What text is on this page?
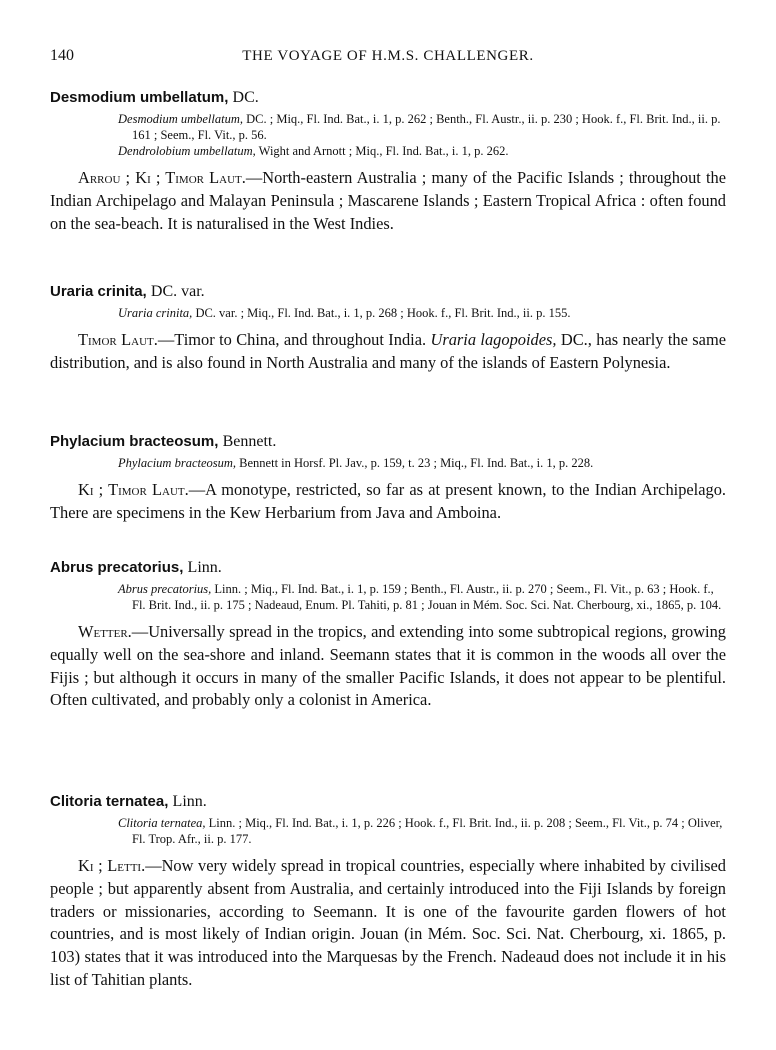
140	THE VOYAGE OF H.M.S. CHALLENGER.

Desmodium umbellatum, DC.

Desmodium umbellatum, DC. ; Miq., Fl. Ind. Bat., i. 1, p. 262 ; Benth., Fl. Austr., ii. p. 230 ; Hook. f., Fl. Brit. Ind., ii. p. 161 ; Seem., Fl. Vit., p. 56.

Dendrolobium umbellatum, Wight and Arnott ; Miq., Fl. Ind. Bat., i. 1, p. 262.

Arrou ; Ki ; Timor Laut.—North-eastern Australia ; many of the Pacific Islands ; throughout the Indian Archipelago and Malayan Peninsula ; Mascarene Islands ; Eastern Tropical Africa : often found on the sea-beach. It is naturalised in the West Indies.

Uraria crinita, DC. var.

Uraria crinita, DC. var. ; Miq., Fl. Ind. Bat., i. 1, p. 268 ; Hook. f., Fl. Brit. Ind., ii. p. 155.

Timor Laut.—Timor to China, and throughout India. Uraria lagopoides, DC., has nearly the same distribution, and is also found in North Australia and many of the islands of Eastern Polynesia.

Phylacium bracteosum, Bennett.

Phylacium bracteosum, Bennett in Horsf. Pl. Jav., p. 159, t. 23 ; Miq., Fl. Ind. Bat., i. 1, p. 228.

Ki ; Timor Laut.—A monotype, restricted, so far as at present known, to the Indian Archipelago. There are specimens in the Kew Herbarium from Java and Amboina.

Abrus precatorius, Linn.

Abrus precatorius, Linn. ; Miq., Fl. Ind. Bat., i. 1, p. 159 ; Benth., Fl. Austr., ii. p. 270 ; Seem., Fl. Vit., p. 63 ; Hook. f., Fl. Brit. Ind., ii. p. 175 ; Nadeaud, Enum. Pl. Tahiti, p. 81 ; Jouan in Mém. Soc. Sci. Nat. Cherbourg, xi., 1865, p. 104.

Wetter.—Universally spread in the tropics, and extending into some subtropical regions, growing equally well on the sea-shore and inland. Seemann states that it is common in the woods all over the Fijis ; but although it occurs in many of the smaller Pacific Islands, it does not appear to be plentiful. Often cultivated, and probably only a colonist in America.

Clitoria ternatea, Linn.

Clitoria ternatea, Linn. ; Miq., Fl. Ind. Bat., i. 1, p. 226 ; Hook. f., Fl. Brit. Ind., ii. p. 208 ; Seem., Fl. Vit., p. 74 ; Oliver, Fl. Trop. Afr., ii. p. 177.

Ki ; Letti.—Now very widely spread in tropical countries, especially where inhabited by civilised people ; but apparently absent from Australia, and certainly introduced into the Fiji Islands by foreign traders or missionaries, according to Seemann. It is one of the favourite garden flowers of hot countries, and is most likely of Indian origin. Jouan (in Mém. Soc. Sci. Nat. Cherbourg, xi. 1865, p. 103) states that it was introduced into the Marquesas by the French. Nadeaud does not include it in his list of Tahitian plants.
